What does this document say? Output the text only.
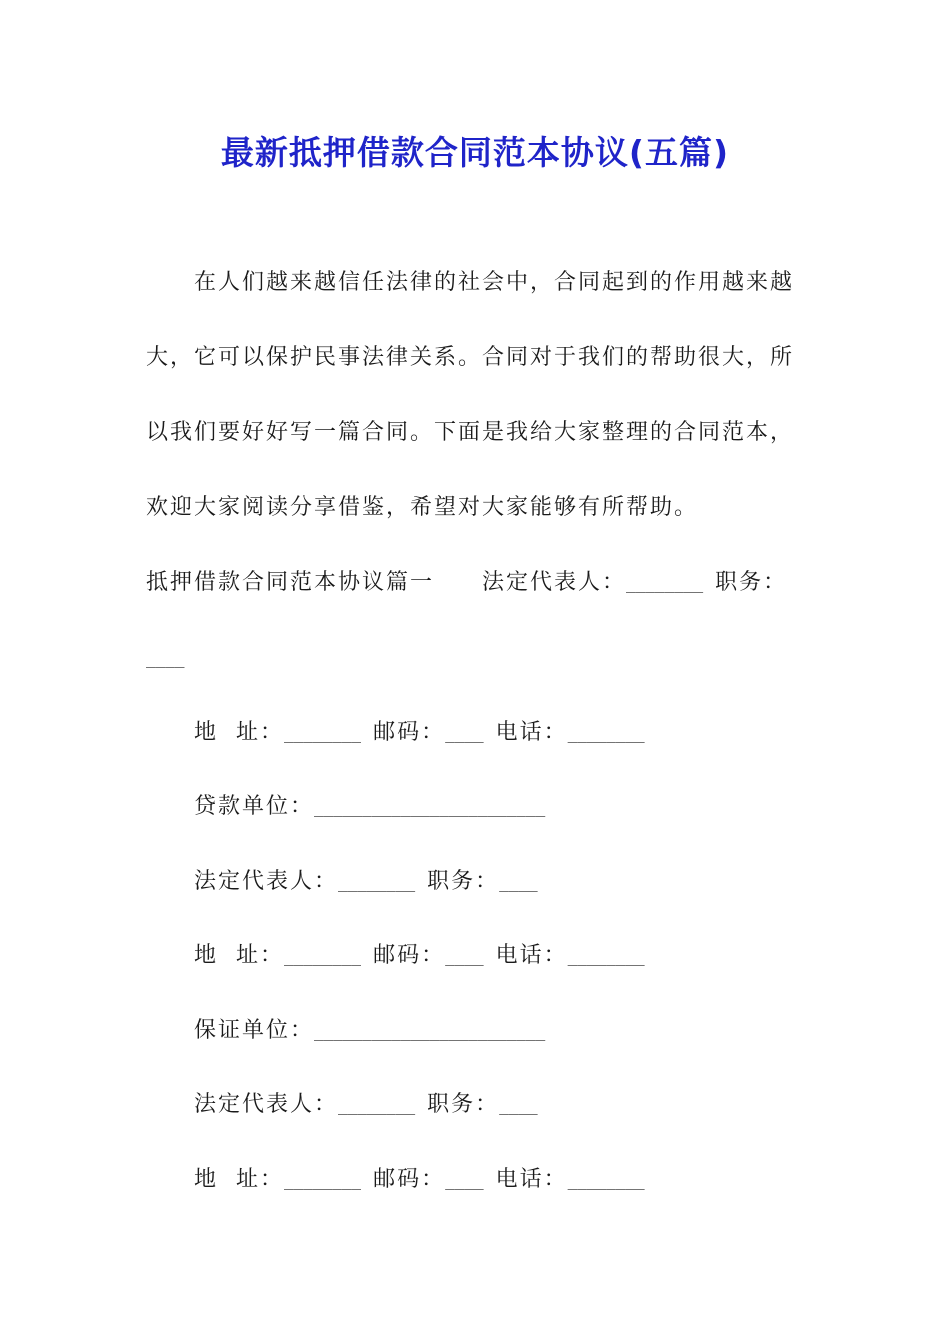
最新抵押借款合同范本协议(五篇)
在人们越来越信任法律的社会中，合同起到的作用越来越
大，它可以保护民事法律关系。合同对于我们的帮助很大，所
以我们要好好写一篇合同。下面是我给大家整理的合同范本，
欢迎大家阅读分享借鉴，希望对大家能够有所帮助。
抵押借款合同范本协议篇一 法定代表人：________ 职务：
____
地  址：________ 邮码：____ 电话：________
贷款单位：________________________
法定代表人：________ 职务：____
地  址：________ 邮码：____ 电话：________
保证单位：________________________
法定代表人：________ 职务：____
地  址：________ 邮码：____ 电话：________
